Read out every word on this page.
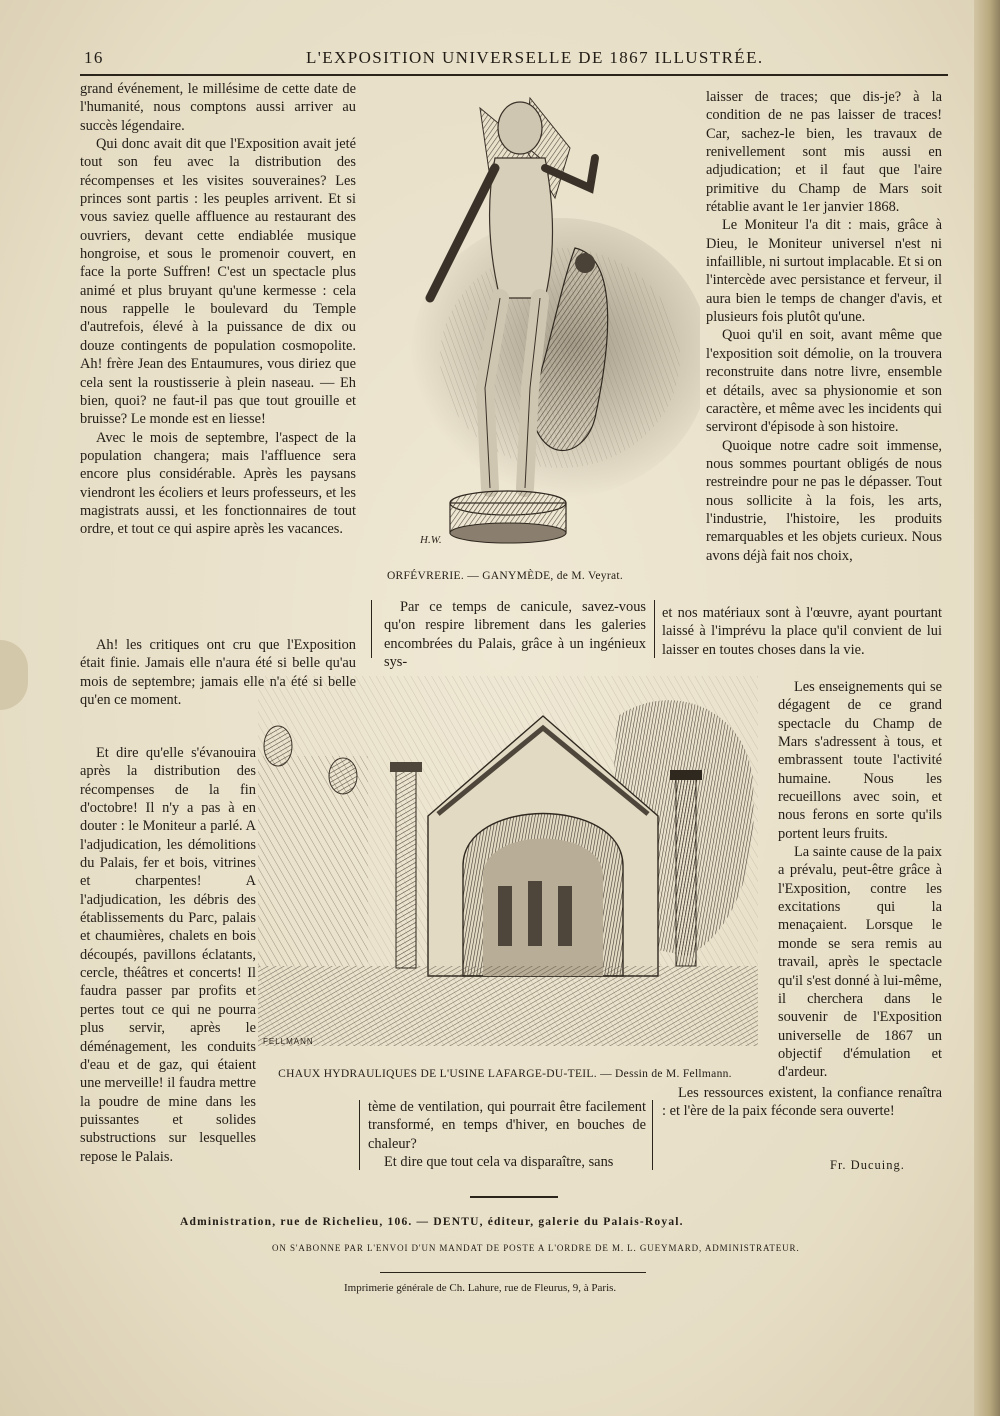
16	L'EXPOSITION UNIVERSELLE DE 1867 ILLUSTRÉE.

grand événement, le millésime de cette date de l'humanité, nous comptons aussi arriver au succès légendaire.

Qui donc avait dit que l'Exposition avait jeté tout son feu avec la distribution des récompenses et les visites souveraines? Les princes sont partis : les peuples arrivent. Et si vous saviez quelle affluence au restaurant des ouvriers, devant cette endiablée musique hongroise, et sous le promenoir couvert, en face la porte Suffren! C'est un spectacle plus animé et plus bruyant qu'une kermesse : cela nous rappelle le boulevard du Temple d'autrefois, élevé à la puissance de dix ou douze contingents de population cosmopolite. Ah! frère Jean des Entaumures, vous diriez que cela sent la roustisserie à plein naseau. — Eh bien, quoi? ne faut-il pas que tout grouille et bruisse? Le monde est en liesse!

Avec le mois de septembre, l'aspect de la population changera; mais l'affluence sera encore plus considérable. Après les paysans viendront les écoliers et leurs professeurs, et les magistrats aussi, et les fonctionnaires de tout ordre, et tout ce qui aspire après les vacances.

Ah! les critiques ont cru que l'Exposition était finie. Jamais elle n'aura été si belle qu'au mois de septembre; jamais elle n'a été si belle qu'en ce moment.

Et dire qu'elle s'évanouira après la distribution des récompenses de la fin d'octobre! Il n'y a pas à en douter : le Moniteur a parlé. A l'adjudication, les démolitions du Palais, fer et bois, vitrines et charpentes! A l'adjudication, les débris des établissements du Parc, palais et chaumières, chalets en bois découpés, pavillons éclatants, cercle, théâtres et concerts! Il faudra passer par profits et pertes tout ce qui ne pourra plus servir, après le déménagement, les conduits d'eau et de gaz, qui étaient une merveille! il faudra mettre la poudre de mine dans les puissantes et solides substructions sur lesquelles repose le Palais.

H.W.
ORFÉVRERIE. — GANYMÈDE, de M. Veyrat.

Par ce temps de canicule, savez-vous qu'on respire librement dans les galeries encombrées du Palais, grâce à un ingénieux sys-

laisser de traces; que dis-je? à la condition de ne pas laisser de traces! Car, sachez-le bien, les travaux de renivellement sont mis aussi en adjudication; et il faut que l'aire primitive du Champ de Mars soit rétablie avant le 1er janvier 1868.

Le Moniteur l'a dit : mais, grâce à Dieu, le Moniteur universel n'est ni infaillible, ni surtout implacable. Et si on l'intercède avec persistance et ferveur, il aura bien le temps de changer d'avis, et plusieurs fois plutôt qu'une.

Quoi qu'il en soit, avant même que l'exposition soit démolie, on la trouvera reconstruite dans notre livre, ensemble et détails, avec sa physionomie et son caractère, et même avec les incidents qui serviront d'épisode à son histoire.

Quoique notre cadre soit immense, nous sommes pourtant obligés de nous restreindre pour ne pas le dépasser. Tout nous sollicite à la fois, les arts, l'industrie, l'histoire, les produits remarquables et les objets curieux. Nous avons déjà fait nos choix,

et nos matériaux sont à l'œuvre, ayant pourtant laissé à l'imprévu la place qu'il convient de lui laisser en toutes choses dans la vie.

Les enseignements qui se dégagent de ce grand spectacle du Champ de Mars s'adressent à tous, et embrassent toute l'activité humaine. Nous les recueillons avec soin, et nous ferons en sorte qu'ils portent leurs fruits.

La sainte cause de la paix a prévalu, peut-être grâce à l'Exposition, contre les excitations qui la menaçaient. Lorsque le monde se sera remis au travail, après le spectacle qu'il s'est donné à lui-même, il cherchera dans le souvenir de l'Exposition universelle de 1867 un objectif d'émulation et d'ardeur.

FELLMANN
CHAUX HYDRAULIQUES DE L'USINE LAFARGE-DU-TEIL. — Dessin de M. Fellmann.

tème de ventilation, qui pourrait être facilement transformé, en temps d'hiver, en bouches de chaleur?

Et dire que tout cela va disparaître, sans

Les ressources existent, la confiance renaîtra : et l'ère de la paix féconde sera ouverte!

Fr. Ducuing.
Administration, rue de Richelieu, 106. — DENTU, éditeur, galerie du Palais-Royal.
ON S'ABONNE PAR L'ENVOI D'UN MANDAT DE POSTE A L'ORDRE DE M. L. GUEYMARD, ADMINISTRATEUR.
Imprimerie générale de Ch. Lahure, rue de Fleurus, 9, à Paris.
